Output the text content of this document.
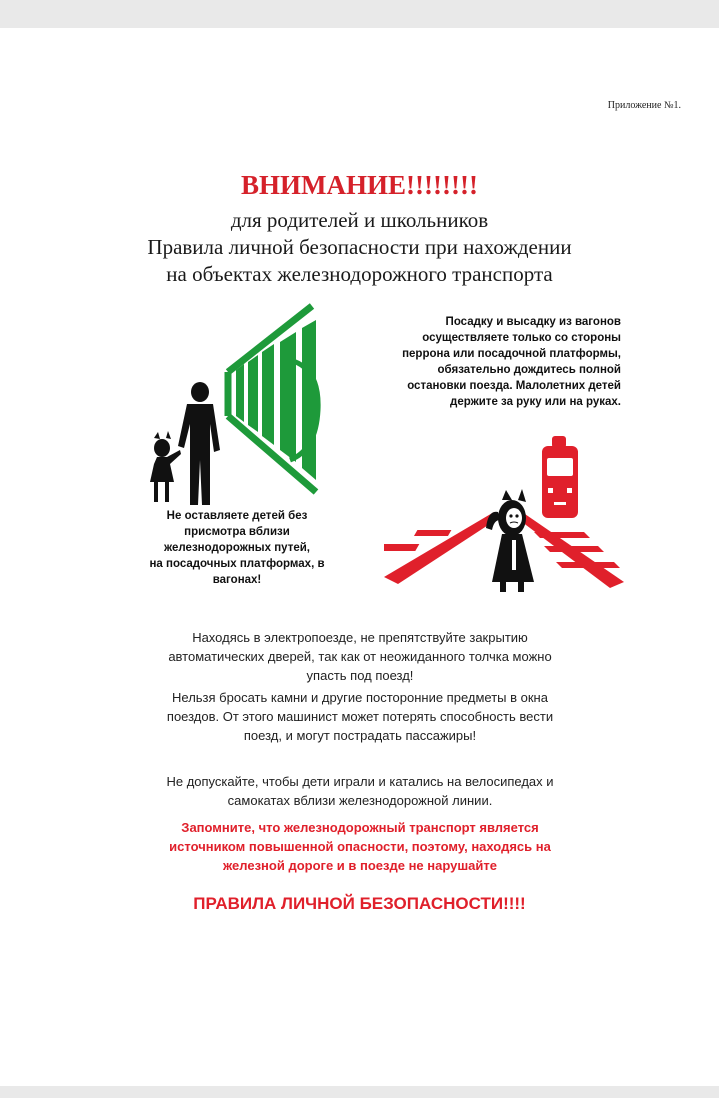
Приложение №1.
ВНИМАНИЕ!!!!!!!!
для родителей и школьников
Правила личной безопасности при нахождении
на объектах железнодорожного транспорта
Посадку и высадку из вагонов
осуществляете только со стороны
перрона или посадочной платформы,
обязательно дождитесь полной
остановки поезда. Малолетних детей
держите за руку или на руках.
Не оставляете детей без
присмотра вблизи
железнодорожных путей,
на посадочных платформах, в
вагонах!
Находясь в электропоезде, не препятствуйте закрытию
автоматических дверей, так как от неожиданного толчка можно
упасть под поезд!
Нельзя бросать камни и другие посторонние предметы в окна
поездов. От этого машинист может потерять способность вести
поезд, и могут пострадать пассажиры!
Не допускайте, чтобы дети играли и катались на велосипедах и
самокатах вблизи железнодорожной линии.
Запомните, что железнодорожный транспорт является
источником повышенной опасности, поэтому, находясь на
железной дороге и в поезде не нарушайте
ПРАВИЛА ЛИЧНОЙ БЕЗОПАСНОСТИ!!!!
